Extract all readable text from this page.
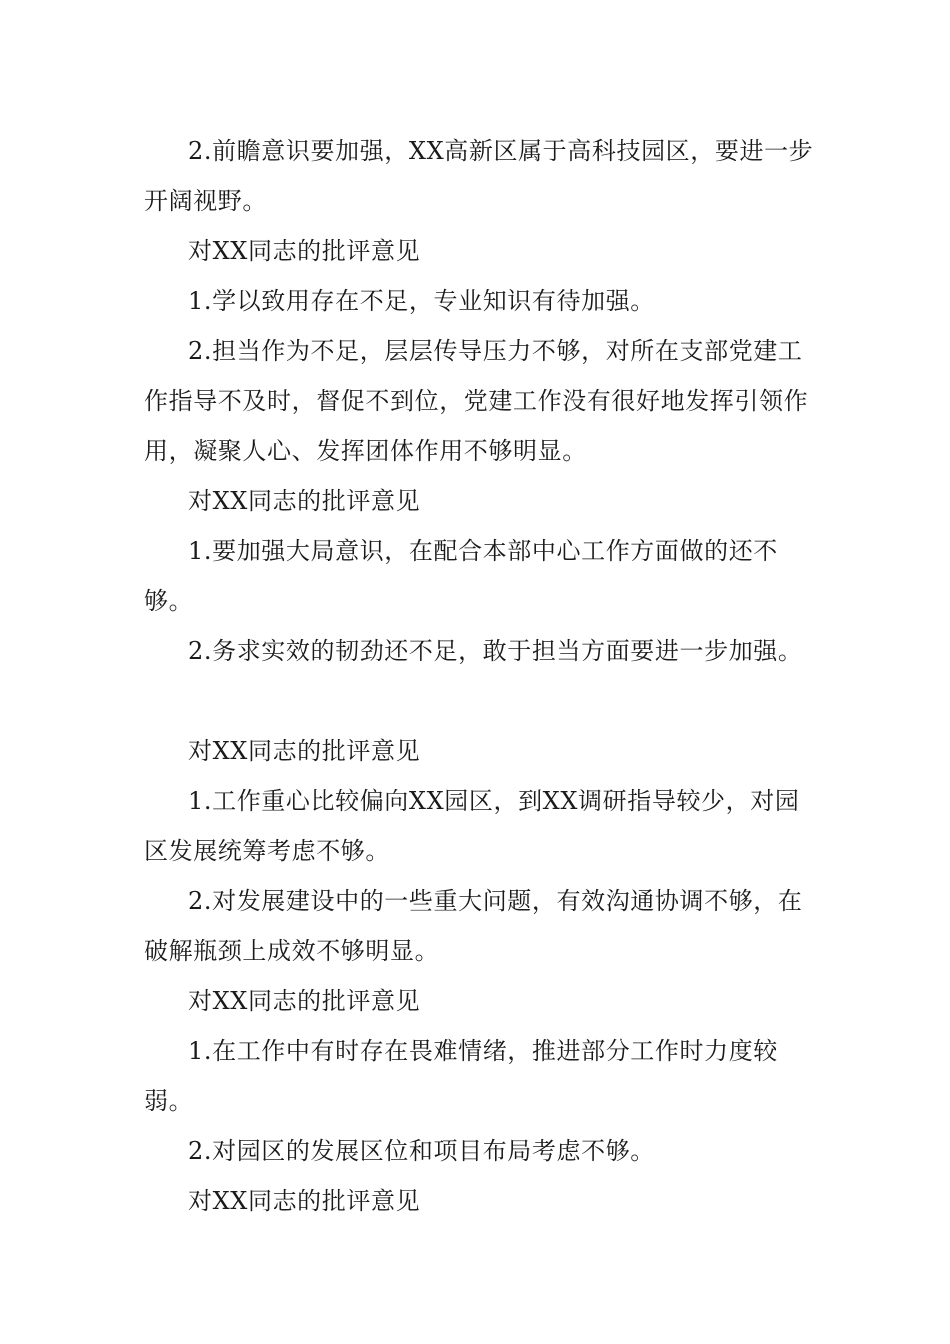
2.前瞻意识要加强，XX高新区属于高科技园区，要进一步开阔视野。

对XX同志的批评意见

1.学以致用存在不足，专业知识有待加强。

2.担当作为不足，层层传导压力不够，对所在支部党建工作指导不及时，督促不到位，党建工作没有很好地发挥引领作用，凝聚人心、发挥团体作用不够明显。

对XX同志的批评意见

1.要加强大局意识，在配合本部中心工作方面做的还不够。

2.务求实效的韧劲还不足，敢于担当方面要进一步加强。

对XX同志的批评意见

1.工作重心比较偏向XX园区，到XX调研指导较少，对园区发展统筹考虑不够。

2.对发展建设中的一些重大问题，有效沟通协调不够，在破解瓶颈上成效不够明显。

对XX同志的批评意见

1.在工作中有时存在畏难情绪，推进部分工作时力度较弱。

2.对园区的发展区位和项目布局考虑不够。

对XX同志的批评意见
